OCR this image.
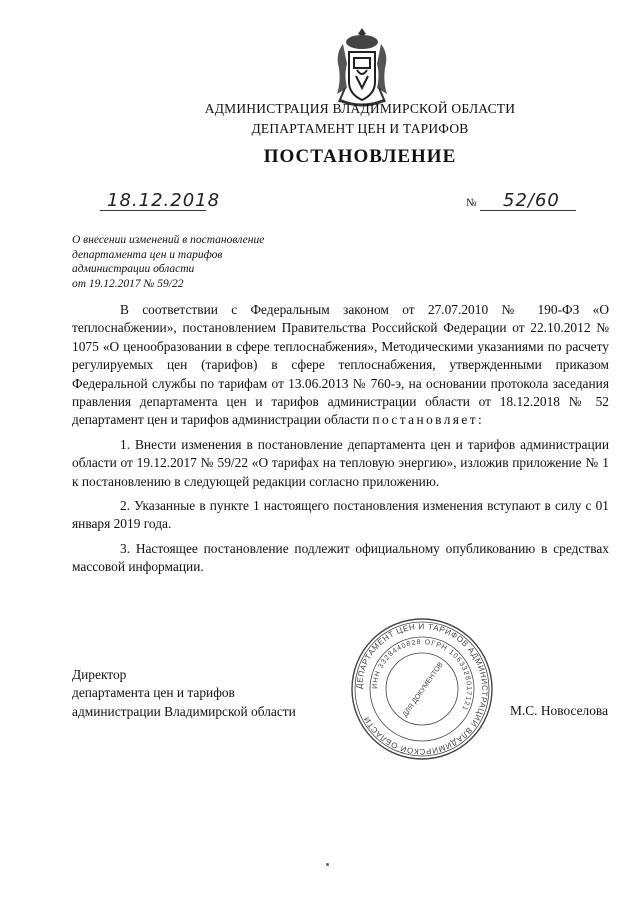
АДМИНИСТРАЦИЯ ВЛАДИМИРСКОЙ ОБЛАСТИ
ДЕПАРТАМЕНТ ЦЕН И ТАРИФОВ
ПОСТАНОВЛЕНИЕ
18.12.2018	№ 52/60
О внесении изменений в постановление
департамента цен и тарифов
администрации области
от 19.12.2017 № 59/22

В соответствии с Федеральным законом от 27.07.2010 № 190-ФЗ «О теплоснабжении», постановлением Правительства Российской Федерации от 22.10.2012 № 1075 «О ценообразовании в сфере теплоснабжения», Методическими указаниями по расчету регулируемых цен (тарифов) в сфере теплоснабжения, утвержденными приказом Федеральной службы по тарифам от 13.06.2013 № 760-э, на основании протокола заседания правления департамента цен и тарифов администрации области от 18.12.2018 № 52 департамент цен и тарифов администрации области постановляет:

1. Внести изменения в постановление департамента цен и тарифов администрации области от 19.12.2017 № 59/22 «О тарифах на тепловую энергию», изложив приложение № 1 к постановлению в следующей редакции согласно приложению.

2. Указанные в пункте 1 настоящего постановления изменения вступают в силу с 01 января 2019 года.

3. Настоящее постановление подлежит официальному опубликованию в средствах массовой информации.

ДЕПАРТАМЕНТ ЦЕН И ТАРИФОВ АДМИНИСТРАЦИИ ВЛАДИМИРСКОЙ ОБЛАСТИ
ИНН 3328440828 ОГРН 1063328017121
ДЛЯ ДОКУМЕНТОВ
Директор
департамента цен и тарифов
администрации Владимирской области	М.С. Новоселова
